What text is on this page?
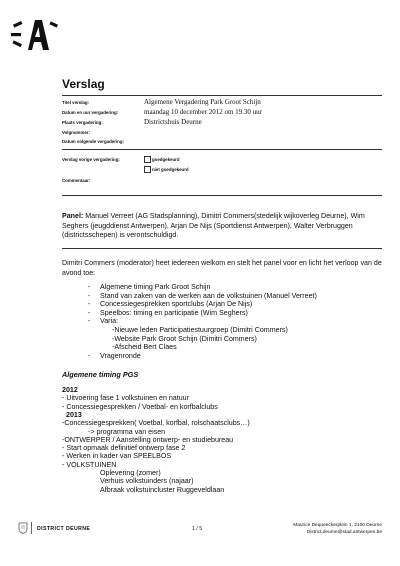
Verslag
Titel verslag:	Algemene Vergadering Park Groot Schijn
Datum en uur vergadering:	maandag 10 december 2012 om 19.30 uur
Plaats vergadering:	Districtshuis Deurne
Volgnummer:
Datum volgende vergadering:
Verslag vorige vergadering:	goedgekeurd
niet goedgekeurd
Commentaar:
Panel: Manuel Verreet (AG Stadsplanning), Dimitri Commers(stedelijk wijkoverleg Deurne), Wim Seghers (jeugddienst Antwerpen), Arjan De Nijs (Sportdienst Antwerpen), Walter Verbruggen (districtsschepen) is verontschuldigd.
Dimitri Commers (moderator) heet iedereen welkom en stelt het panel voor en licht het verloop van de avond toe:
- Algemene timing Park Groot Schijn
- Stand van zaken van de werken aan de volkstuinen (Manuel Verreet)
- Concessiegesprekken sportclubs (Arjan De Nijs)
- Speelbos: timing en participatie (Wim Seghers)
- Varia:
-Nieuwe leden Participatiestuurgroep (Dimitri Commers)
-Website Park Groot Schijn (Dimitri Commers)
-Afscheid Bert Claes
- Vragenronde
Algemene timing PGS
2012
- Uitvoering fase 1 volkstuinen en natuur
- Concessiegesprekken / Voetbal- en korfbalclubs
2013
-Concessiegesprekken( Voetbal, korfbal, rolschaatsclubs…)
-> programma van eisen
-ONTWERPER / Aanstelling ontwerp- en studiebureau
- Start opmaak definitief ontwerp fase 2
- Werken in kader van SPEELBOS
- VOLKSTUINEN
Oplevering (zomer)
Verhuis volkstuinders (najaar)
Afbraak volkstuincluster Ruggeveldlaan
DISTRICT DEURNE	1 / 5
Maurice Dequeeckerplein 1, 2100 Deurne
District.deurne@stad.antwerpen.be
